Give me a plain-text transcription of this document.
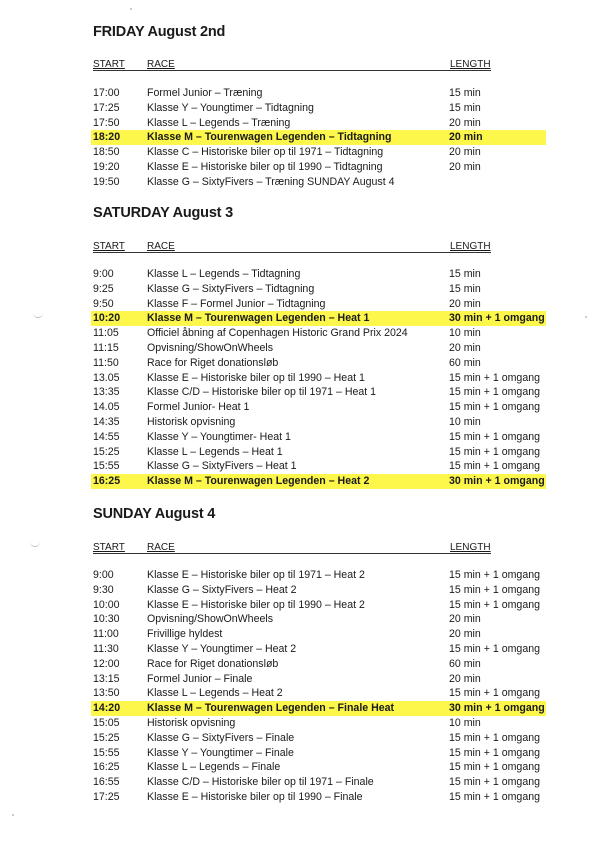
FRIDAY August 2nd
START RACE	LENGTH
17:00	Formel Junior – Træning	15 min
17:25	Klasse Y – Youngtimer – Tidtagning	15 min
17:50	Klasse L – Legends – Træning	20 min
18:20	Klasse M – Tourenwagen Legenden – Tidtagning	20 min
18:50	Klasse C – Historiske biler op til 1971 – Tidtagning	20 min
19:20	Klasse E – Historiske biler op til 1990 – Tidtagning	20 min
19:50	Klasse G – SixtyFivers – Træning SUNDAY August 4
SATURDAY August 3
START RACE	LENGTH
9:00	Klasse L – Legends – Tidtagning	15 min
9:25	Klasse G – SixtyFivers – Tidtagning	15 min
9:50	Klasse F – Formel Junior – Tidtagning	20 min
10:20	Klasse M – Tourenwagen Legenden – Heat 1	30 min + 1 omgang
11:05	Officiel åbning af Copenhagen Historic Grand Prix 2024	10 min
11:15	Opvisning/ShowOnWheels	20 min
11:50	Race for Riget donationsløb	60 min
13.05	Klasse E – Historiske biler op til 1990 – Heat 1	15 min + 1 omgang
13:35	Klasse C/D – Historiske biler op til 1971 – Heat 1	15 min + 1 omgang
14.05	Formel Junior- Heat 1	15 min + 1 omgang
14:35	Historisk opvisning	10 min
14:55	Klasse Y – Youngtimer- Heat 1	15 min + 1 omgang
15:25	Klasse L – Legends – Heat 1	15 min + 1 omgang
15:55	Klasse G – SixtyFivers – Heat 1	15 min + 1 omgang
16:25	Klasse M – Tourenwagen Legenden – Heat 2	30 min + 1 omgang
SUNDAY August 4
START RACE	LENGTH
9:00	Klasse E – Historiske biler op til 1971 – Heat 2	15 min + 1 omgang
9:30	Klasse G – SixtyFivers – Heat 2	15 min + 1 omgang
10:00	Klasse E – Historiske biler op til 1990 – Heat 2	15 min + 1 omgang
10:30	Opvisning/ShowOnWheels	20 min
11:00	Frivillige hyldest	20 min
11:30	Klasse Y – Youngtimer – Heat 2	15 min + 1 omgang
12:00	Race for Riget donationsløb	60 min
13:15	Formel Junior – Finale	20 min
13:50	Klasse L – Legends – Heat 2	15 min + 1 omgang
14:20	Klasse M – Tourenwagen Legenden – Finale Heat	30 min + 1 omgang
15:05	Historisk opvisning	10 min
15:25	Klasse G – SixtyFivers – Finale	15 min + 1 omgang
15:55	Klasse Y – Youngtimer – Finale	15 min + 1 omgang
16:25	Klasse L – Legends – Finale	15 min + 1 omgang
16:55	Klasse C/D – Historiske biler op til 1971 – Finale	15 min + 1 omgang
17:25	Klasse E – Historiske biler op til 1990 – Finale	15 min + 1 omgang
